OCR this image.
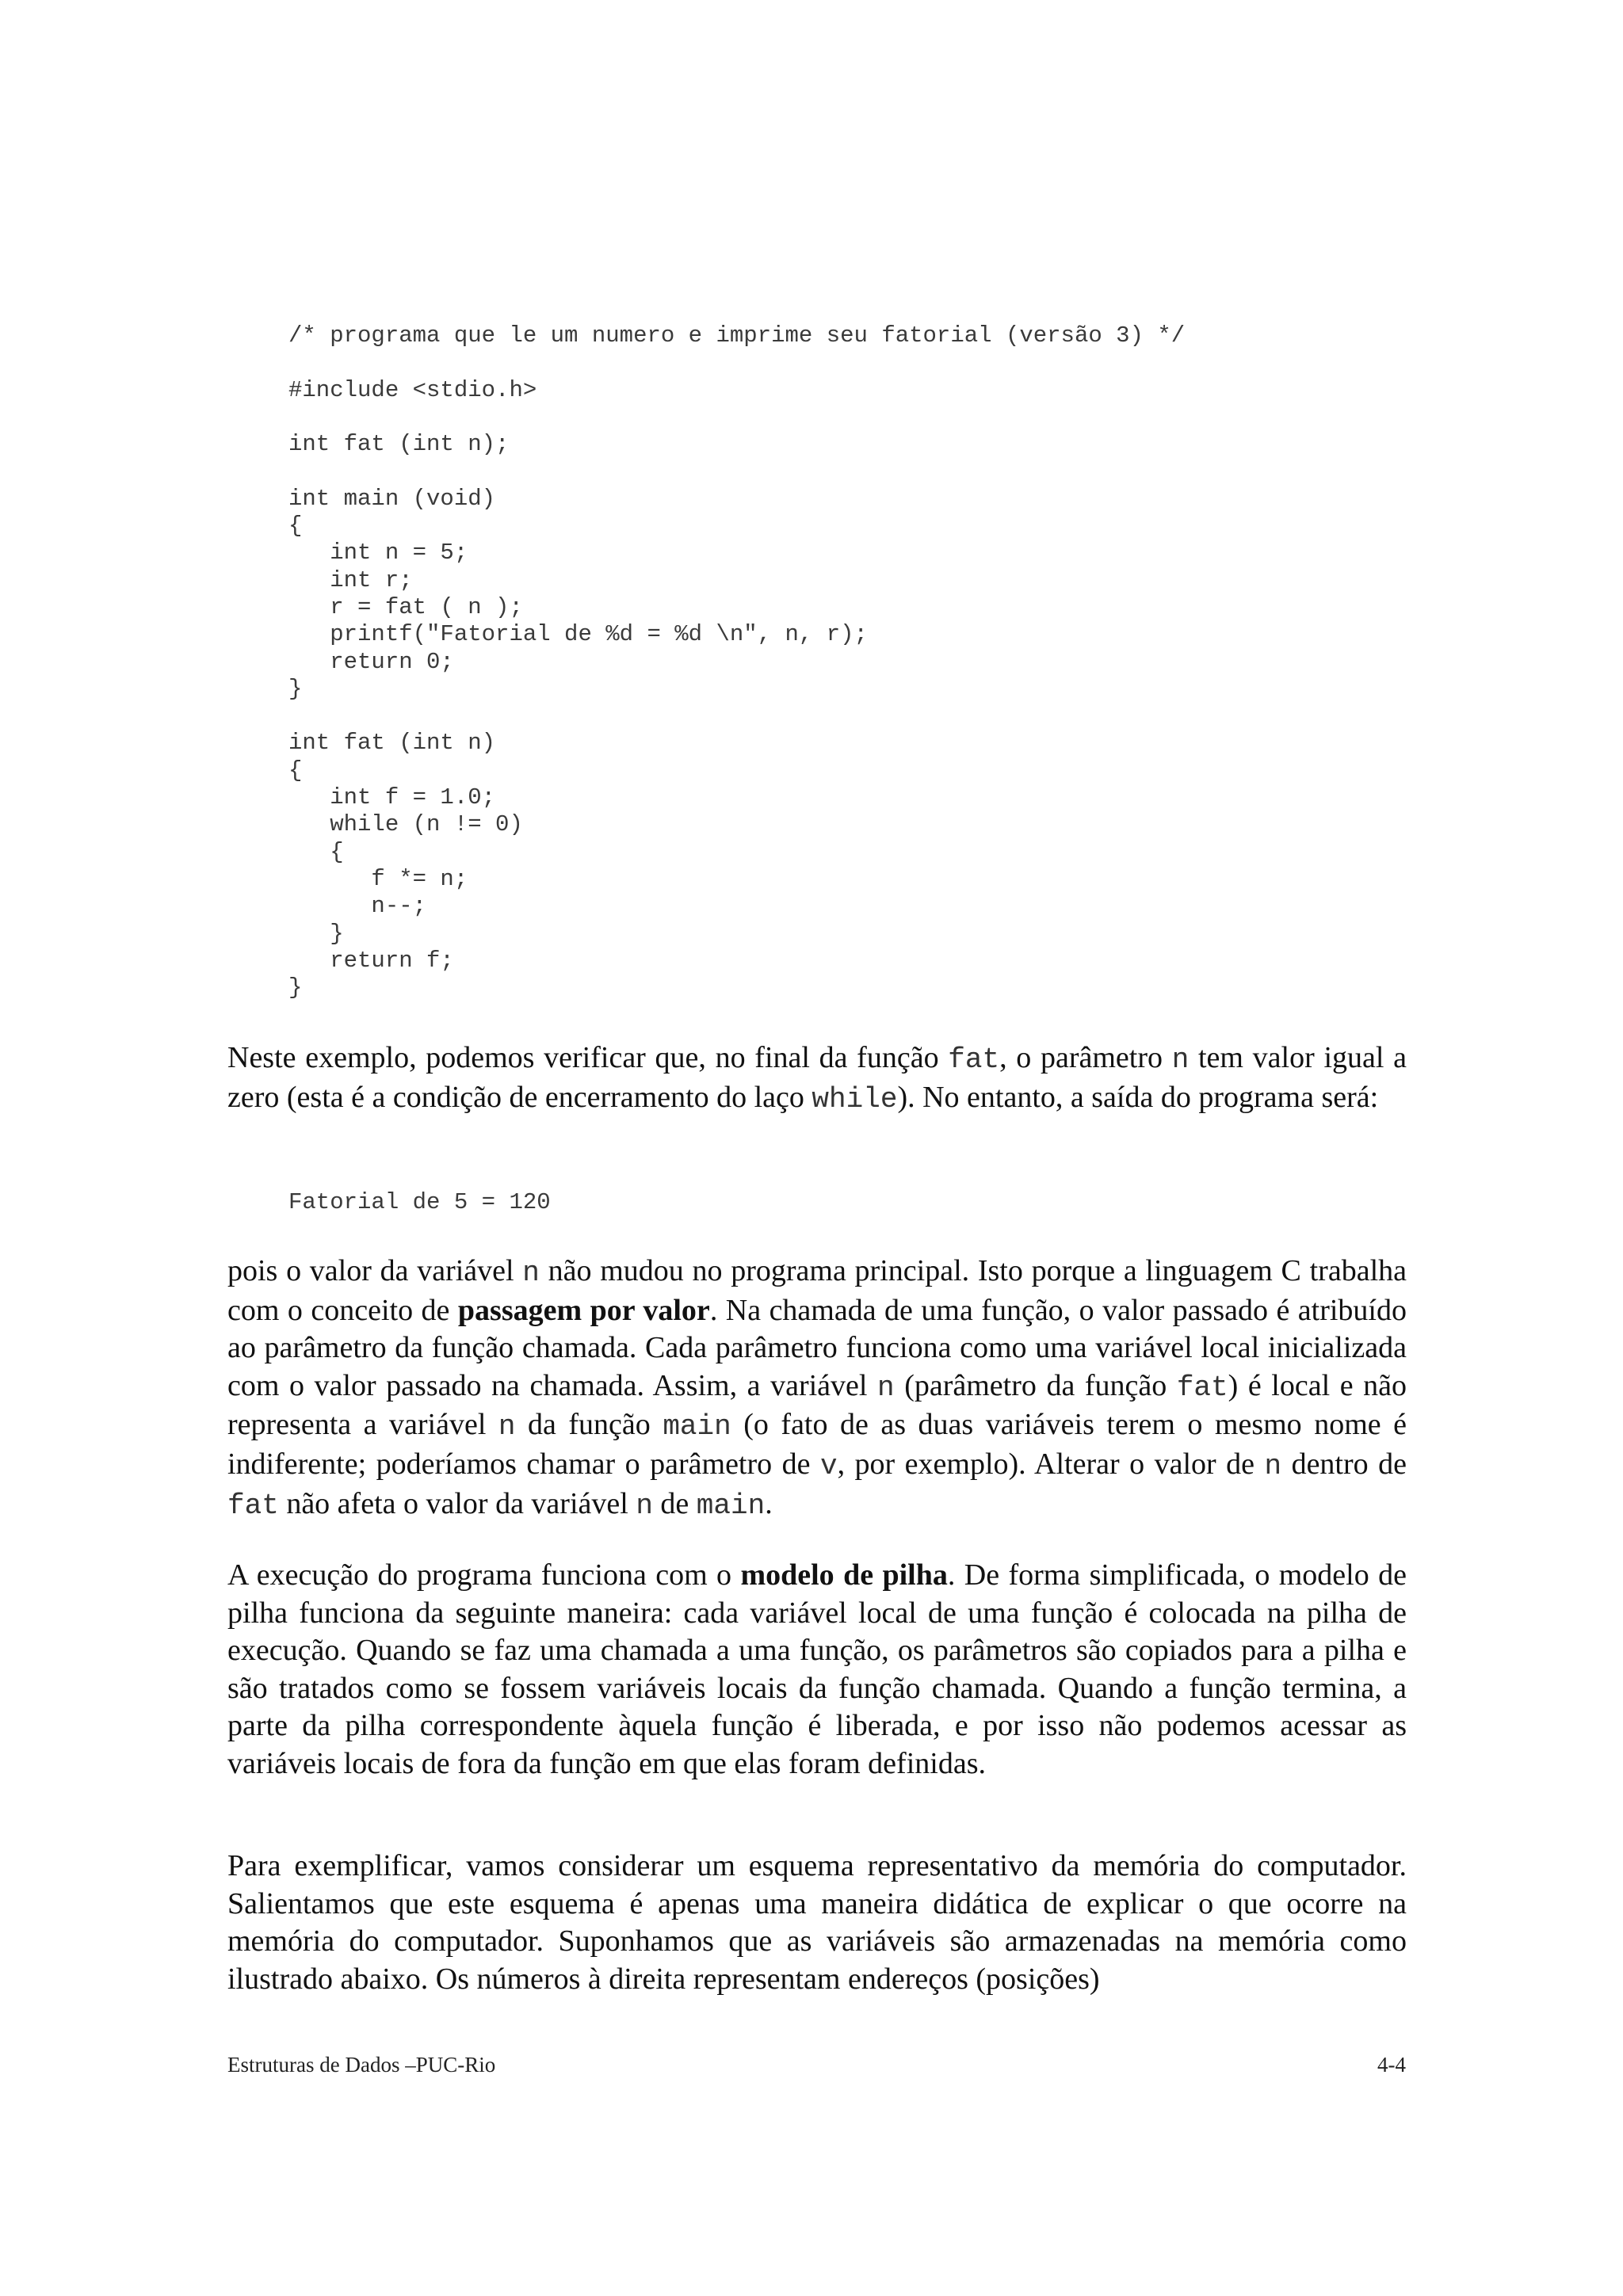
/* programa que le um numero e imprime seu fatorial (versão 3) */

#include <stdio.h>

int fat (int n);

int main (void)
{
int n = 5;
int r;
r = fat ( n );
printf("Fatorial de %d = %d \n", n, r);
return 0;
}

int fat (int n)
{
int f = 1.0;
while (n != 0)
{
f *= n;
n--;
}
return f;
}

Neste exemplo, podemos verificar que, no final da função fat, o parâmetro n tem valor igual a zero (esta é a condição de encerramento do laço while). No entanto, a saída do programa será:

Fatorial de 5 = 120

pois o valor da variável n não mudou no programa principal. Isto porque a linguagem C trabalha com o conceito de passagem por valor. Na chamada de uma função, o valor passado é atribuído ao parâmetro da função chamada. Cada parâmetro funciona como uma variável local inicializada com o valor passado na chamada. Assim, a variável n (parâmetro da função fat) é local e não representa a variável n da função main (o fato de as duas variáveis terem o mesmo nome é indiferente; poderíamos chamar o parâmetro de v, por exemplo). Alterar o valor de n dentro de fat não afeta o valor da variável n de main.

A execução do programa funciona com o modelo de pilha. De forma simplificada, o modelo de pilha funciona da seguinte maneira: cada variável local de uma função é colocada na pilha de execução. Quando se faz uma chamada a uma função, os parâmetros são copiados para a pilha e são tratados como se fossem variáveis locais da função chamada. Quando a função termina, a parte da pilha correspondente àquela função é liberada, e por isso não podemos acessar as variáveis locais de fora da função em que elas foram definidas.

Para exemplificar, vamos considerar um esquema representativo da memória do computador. Salientamos que este esquema é apenas uma maneira didática de explicar o que ocorre na memória do computador. Suponhamos que as variáveis são armazenadas na memória como ilustrado abaixo. Os números à direita representam endereços (posições)

Estruturas de Dados –PUC-Rio	4-4
